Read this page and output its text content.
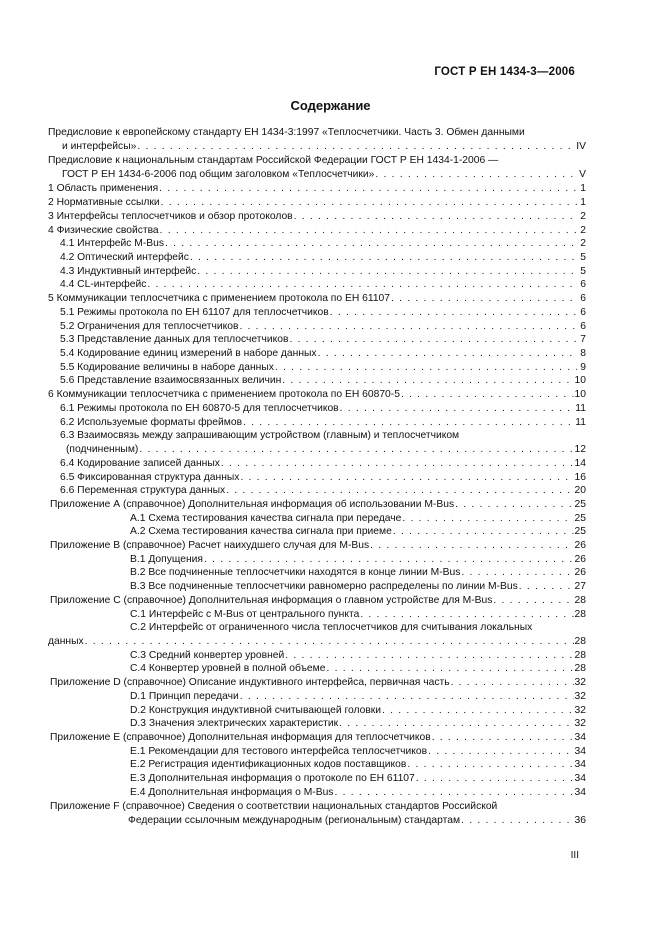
ГОСТ Р ЕН 1434-3—2006
Содержание
Предисловие к европейскому стандарту ЕН 1434-3:1997 «Теплосчетчики. Часть 3. Обмен данными
и интерфейсы» . . .	IV
Предисловие к национальным стандартам Российской Федерации ГОСТ Р ЕН 1434-1-2006 —
ГОСТ Р ЕН 1434-6-2006 под общим заголовком «Теплосчетчики» . . .	V
1 Область применения . . .	1
2 Нормативные ссылки . . .	1
3 Интерфейсы теплосчетчиков и обзор протоколов . . .	2
4 Физические свойства . . .	2
4.1 Интерфейс M-Bus . . .	2
4.2 Оптический интерфейс . . .	5
4.3 Индуктивный интерфейс . . .	5
4.4 CL-интерфейс . . .	6
5 Коммуникации теплосчетчика с применением протокола по ЕН 61107 . . .	6
5.1 Режимы протокола по ЕН 61107 для теплосчетчиков . . .	6
5.2 Ограничения для теплосчетчиков . . .	6
5.3 Представление данных для теплосчетчиков . . .	7
5.4 Кодирование единиц измерений в наборе данных . . .	8
5.5 Кодирование величины в наборе данных . . .	9
5.6 Представление взаимосвязанных величин . . .	10
6 Коммуникации теплосчетчика с применением протокола по ЕН 60870-5 . . .	10
6.1 Режимы протокола по ЕН 60870-5 для теплосчетчиков . . .	11
6.2 Используемые форматы фреймов . . .	11
6.3 Взаимосвязь между запрашивающим устройством (главным) и теплосчетчиком
(подчиненным) . . .	12
6.4 Кодирование записей данных . . .	14
6.5 Фиксированная структура данных . . .	16
6.6 Переменная структура данных . . .	20
Приложение А (справочное) Дополнительная информация об использовании M-Bus . . .	25
А.1 Схема тестирования качества сигнала при передаче . . .	25
А.2 Схема тестирования качества сигнала при приеме . . .	25
Приложение В (справочное) Расчет наихудшего случая для M-Bus . . .	26
В.1 Допущения . . .	26
В.2 Все подчиненные теплосчетчики находятся в конце линии M-Bus . . .	26
В.3 Все подчиненные теплосчетчики равномерно распределены по линии M-Bus . . .	27
Приложение С (справочное) Дополнительная информация о главном устройстве для M-Bus . . .	28
С.1 Интерфейс с M-Bus от центрального пункта . . .	28
С.2 Интерфейс от ограниченного числа теплосчетчиков для считывания локальных
данных . . .	28
С.3 Средний конвертер уровней . . .	28
С.4 Конвертер уровней в полной объеме . . .	28
Приложение D (справочное) Описание индуктивного интерфейса, первичная часть . . .	32
D.1 Принцип передачи . . .	32
D.2 Конструкция индуктивной считывающей головки . . .	32
D.3 Значения электрических характеристик . . .	32
Приложение Е (справочное) Дополнительная информация для теплосчетчиков . . .	34
Е.1 Рекомендации для тестового интерфейса теплосчетчиков . . .	34
Е.2 Регистрация идентификационных кодов поставщиков . . .	34
Е.3 Дополнительная информация о протоколе по ЕН 61107 . . .	34
Е.4 Дополнительная информация о M-Bus . . .	34
Приложение F (справочное) Сведения о соответствии национальных стандартов Российской
Федерации ссылочным международным (региональным) стандартам . . .	36
III
